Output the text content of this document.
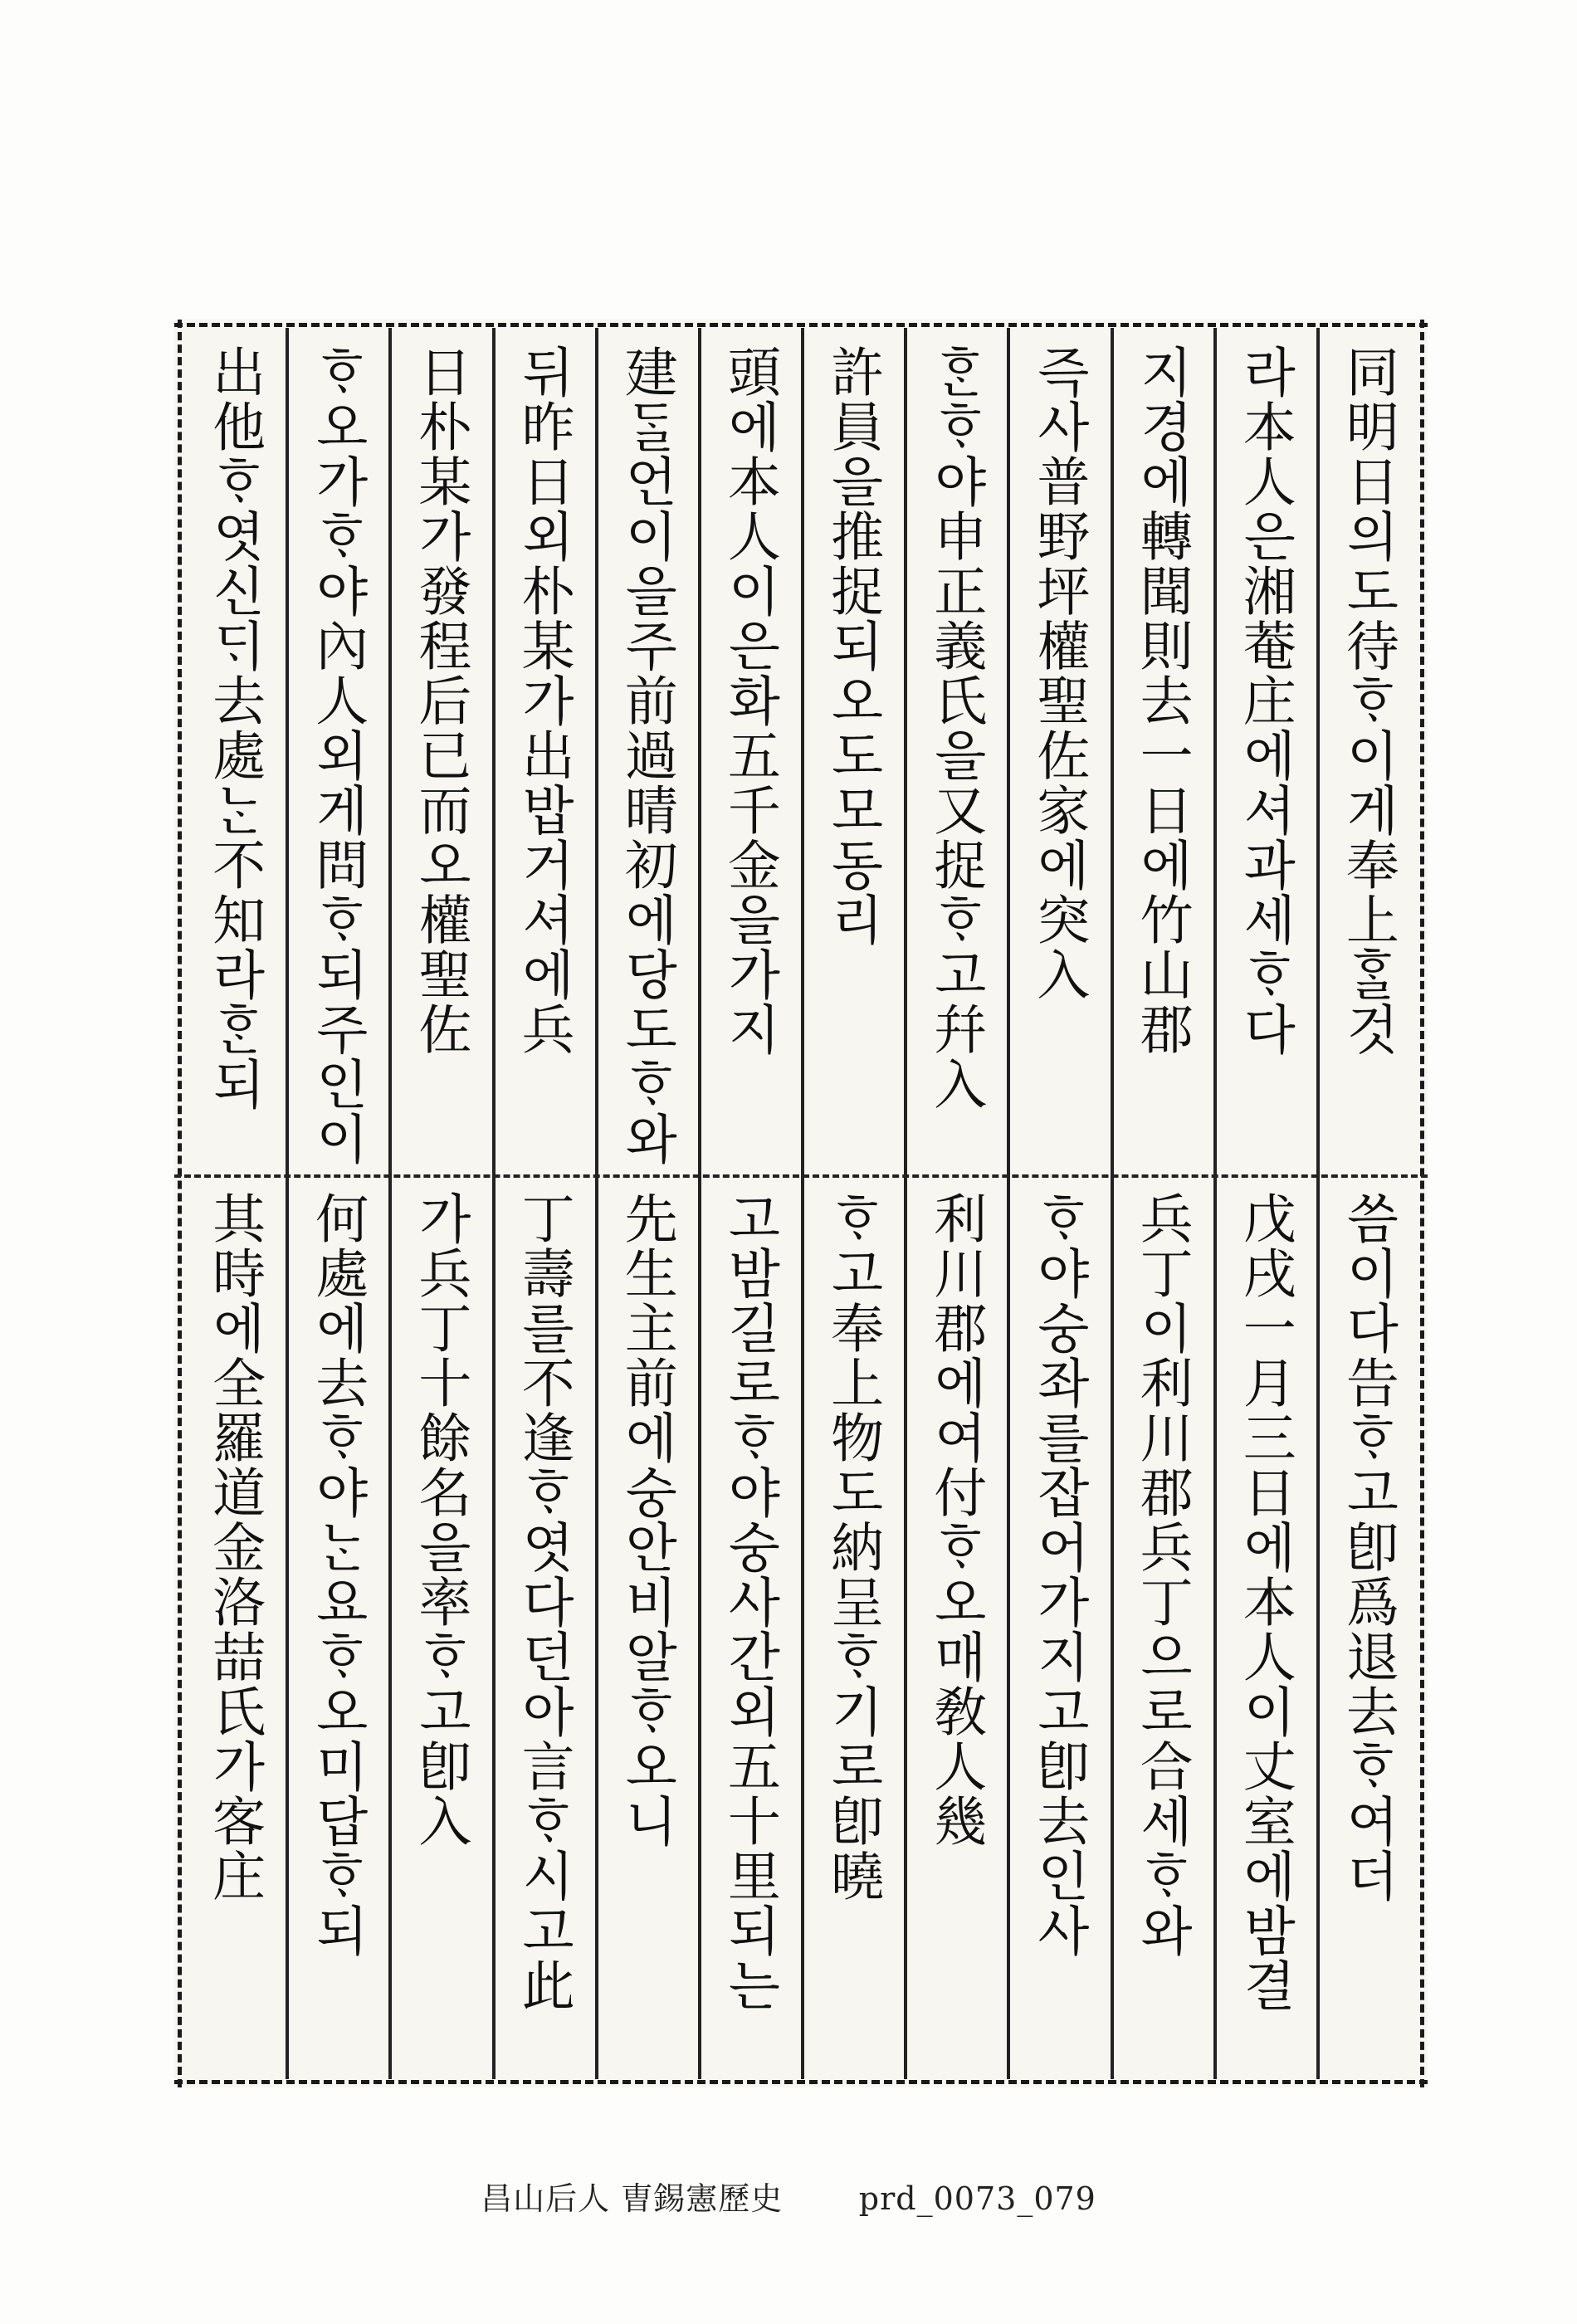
同明日의도待ᄒᆞ이게奉上ᄒᆞᆯ것
씀이다告ᄒᆞ고卽爲退去ᄒᆞ여더
라本人은湘菴庄에셔과세ᄒᆞ다
戊戌一月三日에本人이丈室에밤결
지경에轉聞則去一日에竹山郡
兵丁이利川郡兵丁으로合세ᄒᆞ와
즉사普野坪權聖佐家에突入
ᄒᆞ야숭좌를잡어가지고卽去인사
ᄒᆞᆫᄒᆞ야申正義氏을又捉ᄒᆞ고幷入
利川郡에여付ᄒᆞ오매敎人幾
許員을推捉되오도모동리
ᄒᆞ고奉上物도納呈ᄒᆞ기로卽曉
頭에本人이은화五千金을가지
고밤길로ᄒᆞ야숭사간외五十里되는
建ᄃᆞᆯ언이을주前過晴初에당도ᄒᆞ와
先生主前에숭안비알ᄒᆞ오니
뒤昨日외朴某가出밥거셔에兵
丁壽를不逢ᄒᆞ엿다던아言ᄒᆞ시고此
日朴某가發程后已而오權聖佐
가兵丁十餘名을率ᄒᆞ고卽入
ᄒᆞ오가ᄒᆞ야內人외게問ᄒᆞ되주인이
何處에去ᄒᆞ야ᄂᆞᆫ요ᄒᆞ오미답ᄒᆞ되
出他ᄒᆞ엿신ᄃᆡ去處ᄂᆞᆫ不知라ᄒᆞᆫ되
其時에全羅道金洛喆氏가客庄
昌山后人 曺錫憲歷史 prd_0073_079
